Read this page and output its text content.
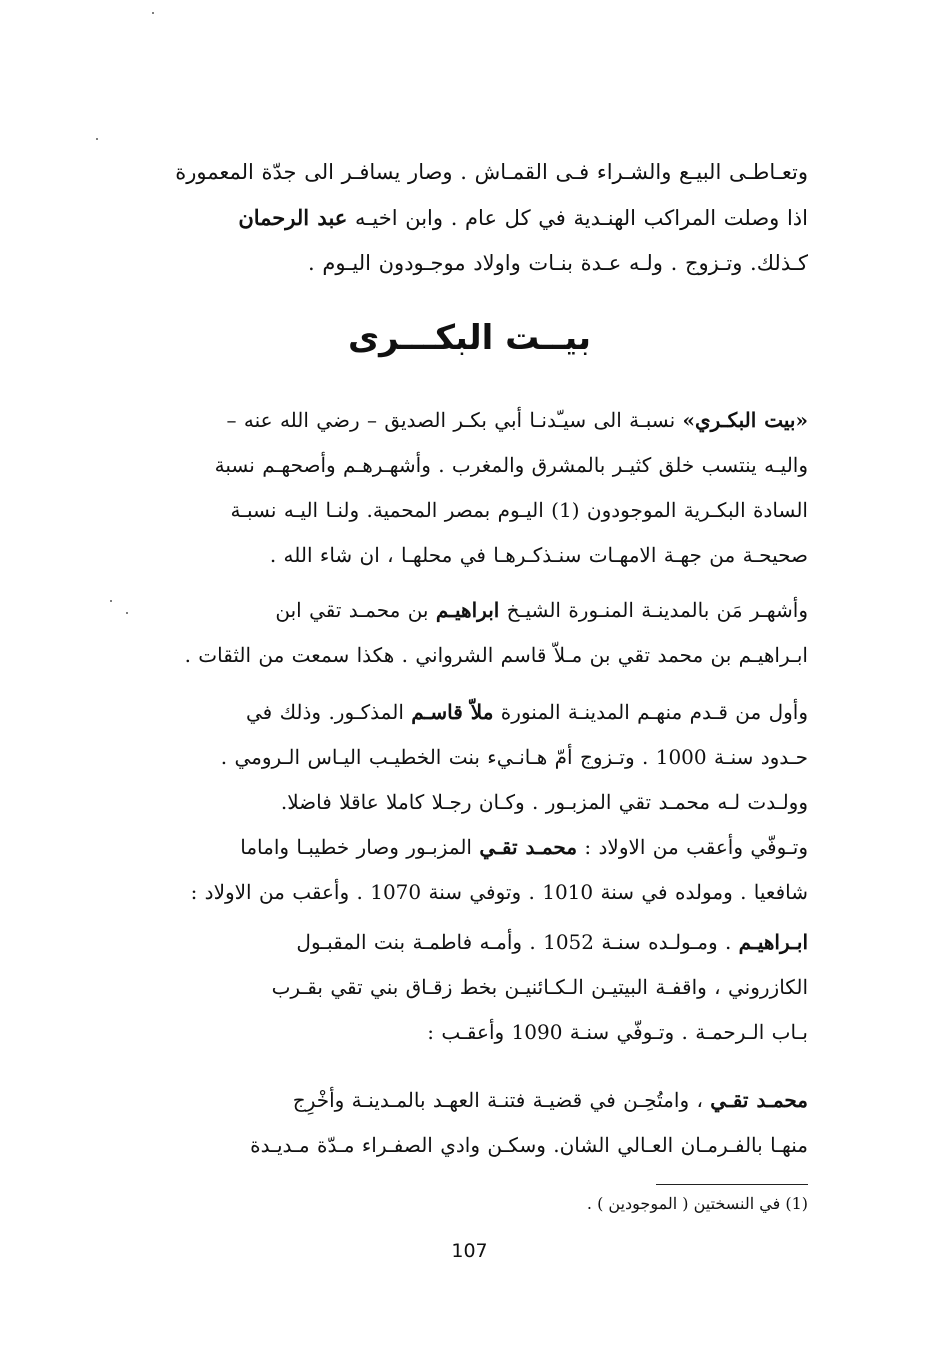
وتعـاطـى البيـع والشـراء فـى القمـاش . وصار يسافـر الى جدّة المعمورة
اذا وصلت المراكب الهنـدية في كل عام . وابن اخيـه عبد الرحمان
كـذلك. وتـزوج . ولـه عـدة بنـات واولاد موجـودون اليـوم .
بيــت البكـــرى
«بيت البكـري» نسبـة الى سيـّدنـا أبي بكـر الصديق – رضي الله عنه –
واليـه ينتسب خلق كثيـر بالمشرق والمغرب . وأشهـرهـم وأصحهـم نسبة
السادة البكـرية الموجودون (1) اليـوم بمصر المحمية. ولنـا اليـه نسبـة
صحيحـة من جهـة الامهـات سنـذكـرهـا في محلهـا ، ان شاء الله .
وأشهـر مَن بالمدينـة المنـورة الشيـخ ابراهيـم بن محمـد تقي ابن
ابـراهيـم بن محمد تقي بن مـلاّ قاسم الشرواني . هكذا سمعت من الثقات .
وأول من قـدم منهـم المدينـة المنورة ملاّ قاسـم المذكـور. وذلك في
حـدود سنـة 1000 . وتـزوج أمّ هـانـيء بنت الخطيـب اليـاس الـرومي .
وولـدت لـه محمـد تقي المزبـور . وكـان رجـلا كاملا عاقلا فاضلا.
وتـوفّي وأعقب من الاولاد : محمـد تقـي المزبـور وصار خطيبـا واماما
شافعيا . ومولده في سنة 1010 . وتوفي سنة 1070 . وأعقب من الاولاد :
ابـراهيـم . ومـولـده سنـة 1052 . وأمـه فاطمـة بنت المقبـول
الكازروني ، واقفـة البيتيـن الـكـائنيـن بخط زقـاق بني تقي بقـرب
بـاب الـرحمـة . وتـوفّي سنـة 1090 وأعقـب :
محمـد تقـي ، وامتُحِـن في قضيـة فتنـة العهـد بالمـدينـة وأخْرِج
منهـا بالفـرمـان العـالي الشان. وسكـن وادي الصفـراء مـدّة مـديـدة
(1) في النسختين ( الموجودين ) .
107
